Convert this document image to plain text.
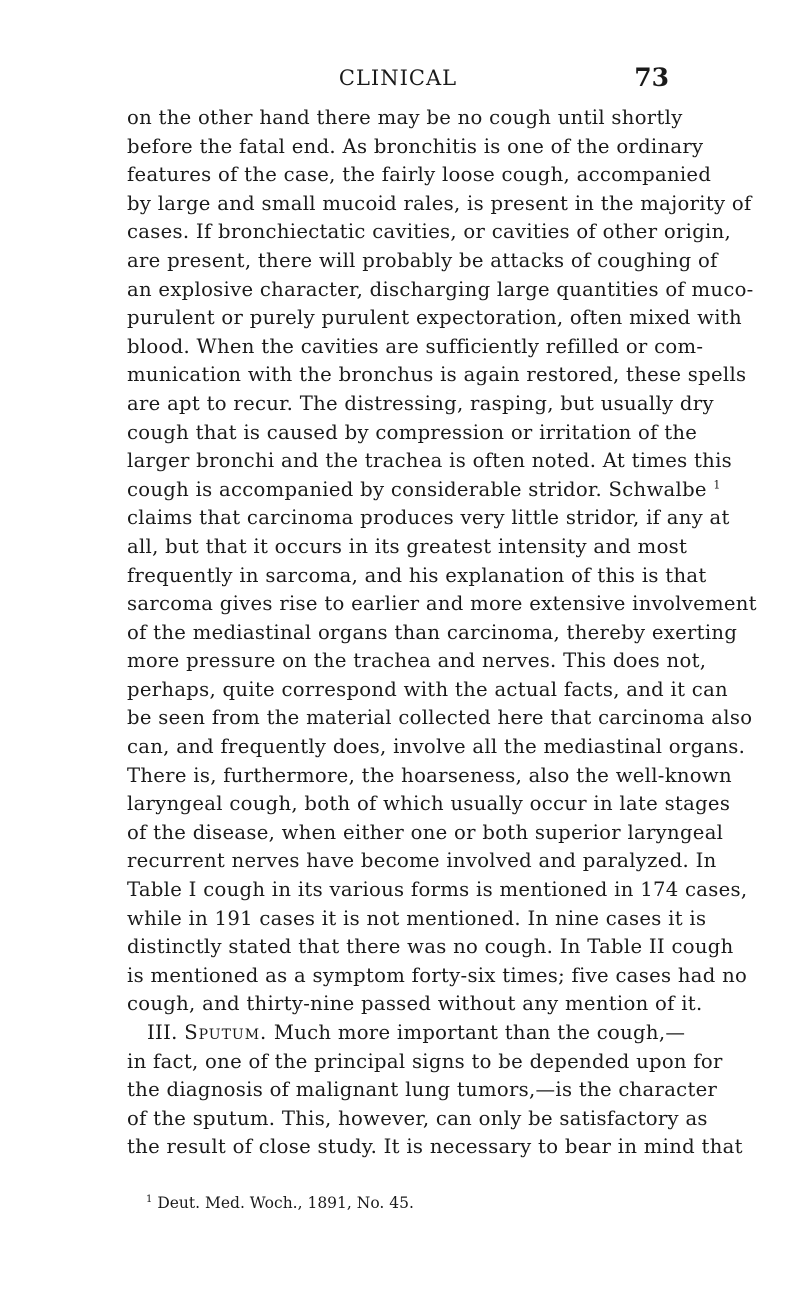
CLINICAL	73
on the other hand there may be no cough until shortly
before the fatal end. As bronchitis is one of the ordinary
features of the case, the fairly loose cough, accompanied
by large and small mucoid rales, is present in the majority of
cases. If bronchiectatic cavities, or cavities of other origin,
are present, there will probably be attacks of coughing of
an explosive character, discharging large quantities of muco-
purulent or purely purulent expectoration, often mixed with
blood. When the cavities are sufficiently refilled or com-
munication with the bronchus is again restored, these spells
are apt to recur. The distressing, rasping, but usually dry
cough that is caused by compression or irritation of the
larger bronchi and the trachea is often noted. At times this
cough is accompanied by considerable stridor. Schwalbe $^1$
claims that carcinoma produces very little stridor, if any at
all, but that it occurs in its greatest intensity and most
frequently in sarcoma, and his explanation of this is that
sarcoma gives rise to earlier and more extensive involvement
of the mediastinal organs than carcinoma, thereby exerting
more pressure on the trachea and nerves. This does not,
perhaps, quite correspond with the actual facts, and it can
be seen from the material collected here that carcinoma also
can, and frequently does, involve all the mediastinal organs.
There is, furthermore, the hoarseness, also the well-known
laryngeal cough, both of which usually occur in late stages
of the disease, when either one or both superior laryngeal
recurrent nerves have become involved and paralyzed. In
Table I cough in its various forms is mentioned in 174 cases,
while in 191 cases it is not mentioned. In nine cases it is
distinctly stated that there was no cough. In Table II cough
is mentioned as a symptom forty-six times; five cases had no
cough, and thirty-nine passed without any mention of it.
III. Sputum. Much more important than the cough,—
in fact, one of the principal signs to be depended upon for
the diagnosis of malignant lung tumors,—is the character
of the sputum. This, however, can only be satisfactory as
the result of close study. It is necessary to bear in mind that
$^1$ Deut. Med. Woch., 1891, No. 45.
